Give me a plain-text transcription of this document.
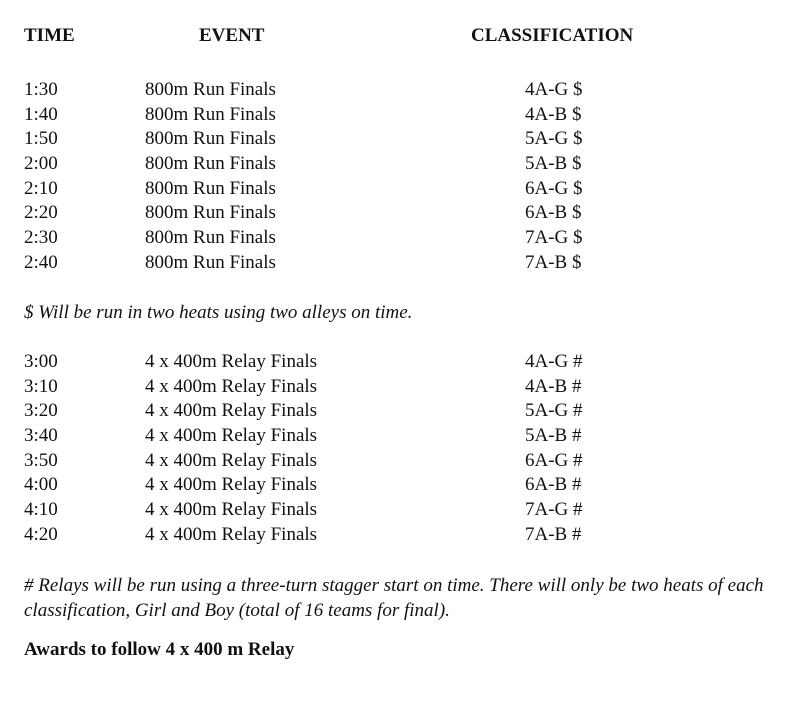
TIME	EVENT	CLASSIFICATION
1:30	800m Run Finals	4A-G $
1:40	800m Run Finals	4A-B $
1:50	800m Run Finals	5A-G $
2:00	800m Run Finals	5A-B $
2:10	800m Run Finals	6A-G $
2:20	800m Run Finals	6A-B $
2:30	800m Run Finals	7A-G $
2:40	800m Run Finals	7A-B $
$ Will be run in two heats using two alleys on time.
3:00	4 x 400m Relay Finals	4A-G #
3:10	4 x 400m Relay Finals	4A-B #
3:20	4 x 400m Relay Finals	5A-G #
3:40	4 x 400m Relay Finals	5A-B #
3:50	4 x 400m Relay Finals	6A-G #
4:00	4 x 400m Relay Finals	6A-B #
4:10	4 x 400m Relay Finals	7A-G #
4:20	4 x 400m Relay Finals	7A-B #
# Relays will be run using a three-turn stagger start on time. There will only be two heats of each classification, Girl and Boy (total of 16 teams for final).
Awards to follow 4 x 400 m Relay
